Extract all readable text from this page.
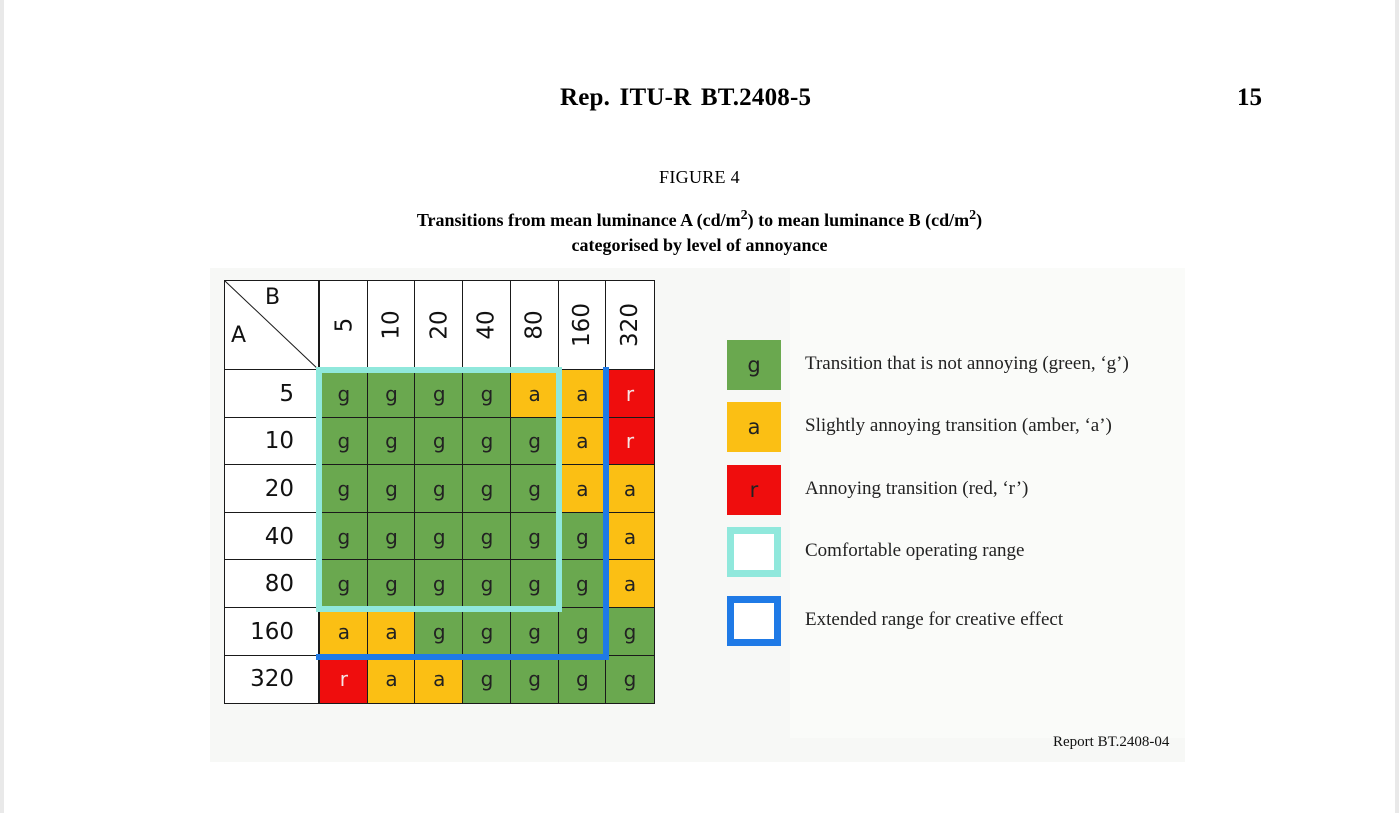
Rep. ITU-R BT.2408-5	15
FIGURE 4
Transitions from mean luminance A $(cd/m^2)$ to mean luminance B $(cd/m^2)$
categorised by level of annoyance
A
B
5 10 20 40 80 160 320
5	g	g	g	g	a	a	r
10	g	g	g	g	g	a	r
20	g	g	g	g	g	a	a
40	g	g	g	g	g	g	a
80	g	g	g	g	g	g	a
160	a	a	g	g	g	g	g
320	r	a	a	g	g	g	g
g	Transition that is not annoying (green, ‘g’)
a	Slightly annoying transition (amber, ‘a’)
r	Annoying transition (red, ‘r’)
Comfortable operating range
Extended range for creative effect
Report BT.2408-04
